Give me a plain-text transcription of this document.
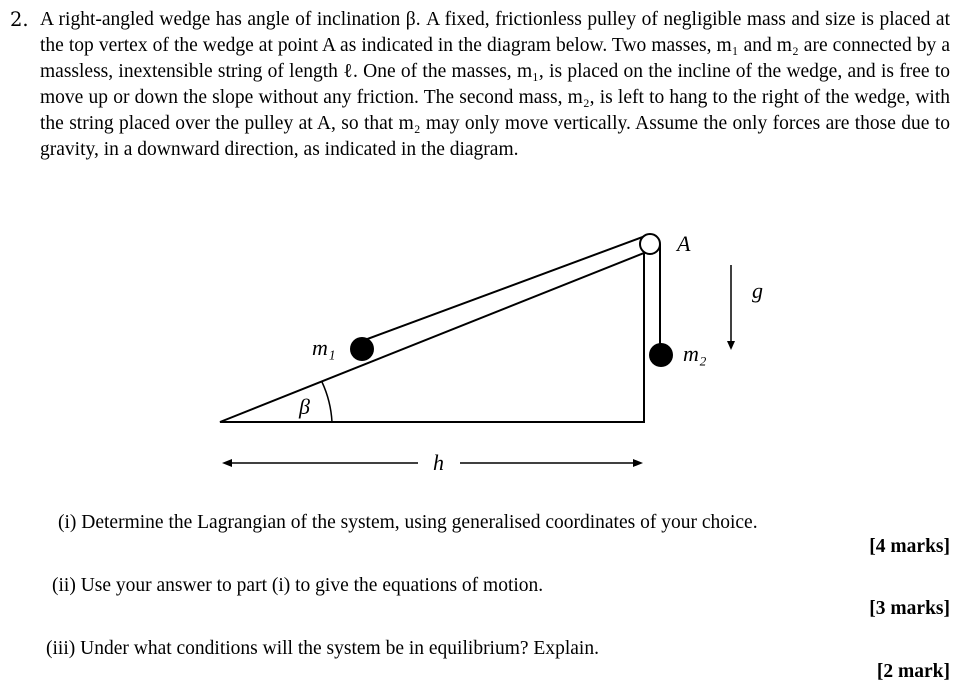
2. A right-angled wedge has angle of inclination β. A fixed, frictionless pulley of negligible mass and size is placed at the top vertex of the wedge at point A as indicated in the diagram below. Two masses, m₁ and m₂ are connected by a massless, inextensible string of length ℓ. One of the masses, m₁, is placed on the incline of the wedge, and is free to move up or down the slope without any friction. The second mass, m₂, is left to hang to the right of the wedge, with the string placed over the pulley at A, so that m₂ may only move vertically. Assume the only forces are those due to gravity, in a downward direction, as indicated in the diagram.
A
g
m₁	m₂
β
h
(i) Determine the Lagrangian of the system, using generalised coordinates of your choice.
[4 marks]
(ii) Use your answer to part (i) to give the equations of motion.
[3 marks]
(iii) Under what conditions will the system be in equilibrium? Explain.
[2 mark]
